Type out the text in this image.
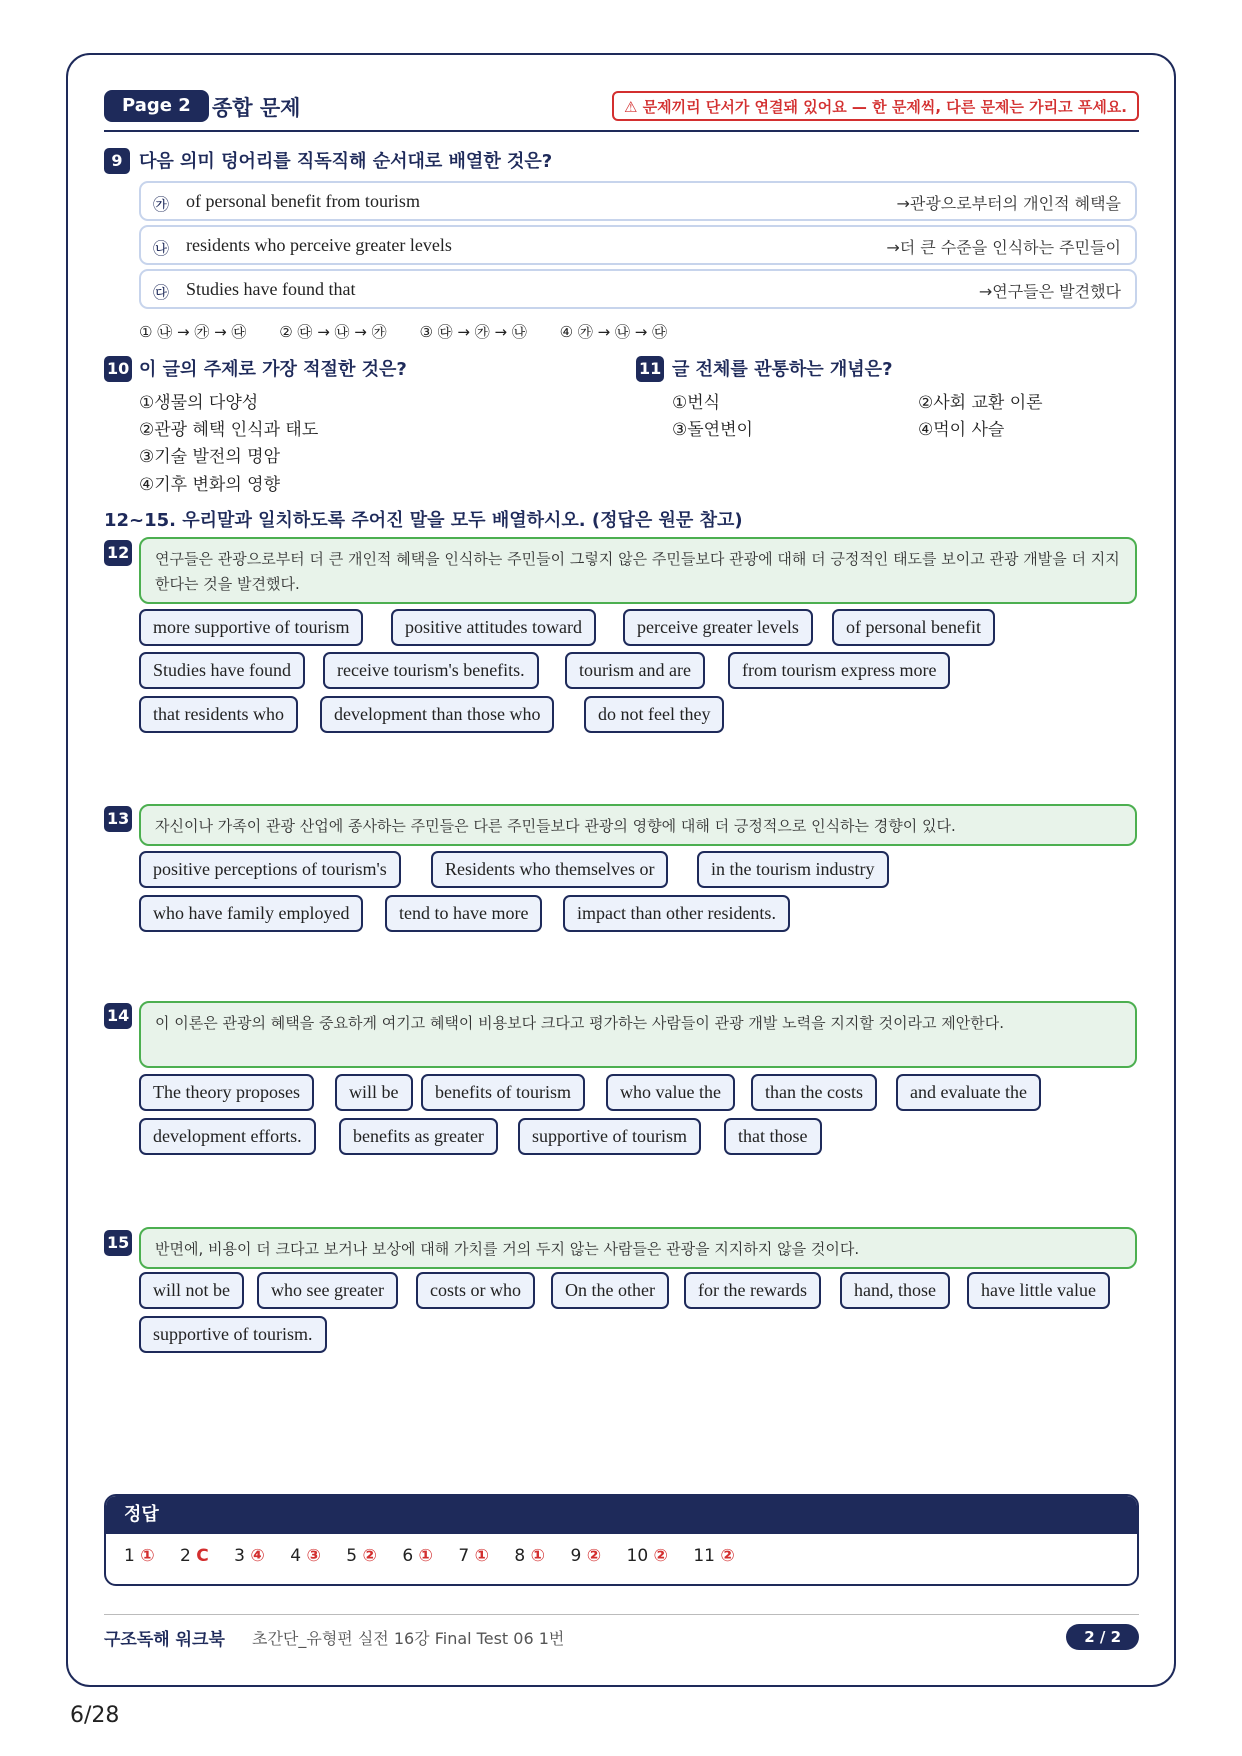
Page 2	종합 문제	⚠ 문제끼리 단서가 연결돼 있어요 — 한 문제씩, 다른 문제는 가리고 푸세요.
9 다음 의미 덩어리를 직독직해 순서대로 배열한 것은?
㉮ of personal benefit from tourism	→관광으로부터의 개인적 혜택을
㉯ residents who perceive greater levels	→더 큰 수준을 인식하는 주민들이
㉰ Studies have found that	→연구들은 발견했다
① ㉯ → ㉮ → ㉰ ② ㉰ → ㉯ → ㉮ ③ ㉰ → ㉮ → ㉯ ④ ㉮ → ㉯ → ㉰
10 이 글의 주제로 가장 적절한 것은?
①생물의 다양성
②관광 혜택 인식과 태도
③기술 발전의 명암
④기후 변화의 영향
11 글 전체를 관통하는 개념은?
①번식	②사회 교환 이론
③돌연변이	④먹이 사슬
12~15. 우리말과 일치하도록 주어진 말을 모두 배열하시오. (정답은 원문 참고)
12	연구들은 관광으로부터 더 큰 개인적 혜택을 인식하는 주민들이 그렇지 않은 주민들보다 관광에 대해 더 긍정적인 태도를 보이고 관광 개발을 더 지지한다는 것을 발견했다.
more supportive of tourism	positive attitudes toward	perceive greater levels	of personal benefit
Studies have found	receive tourism's benefits.	tourism and are	from tourism express more
that residents who	development than those who	do not feel they
13	자신이나 가족이 관광 산업에 종사하는 주민들은 다른 주민들보다 관광의 영향에 대해 더 긍정적으로 인식하는 경향이 있다.
positive perceptions of tourism's	Residents who themselves or	in the tourism industry
who have family employed	tend to have more	impact than other residents.
14	이 이론은 관광의 혜택을 중요하게 여기고 혜택이 비용보다 크다고 평가하는 사람들이 관광 개발 노력을 지지할 것이라고 제안한다.
The theory proposes	will be	benefits of tourism	who value the	than the costs	and evaluate the
development efforts.	benefits as greater	supportive of tourism	that those
15	반면에, 비용이 더 크다고 보거나 보상에 대해 가치를 거의 두지 않는 사람들은 관광을 지지하지 않을 것이다.
will not be	who see greater	costs or who	On the other	for the rewards	hand, those	have little value
supportive of tourism.
정답
1 ① 2 C 3 ④ 4 ③ 5 ② 6 ① 7 ① 8 ① 9 ② 10 ② 11 ②
구조독해 워크북 초간단_유형편 실전 16강 Final Test 06 1번	2 / 2
6/28
